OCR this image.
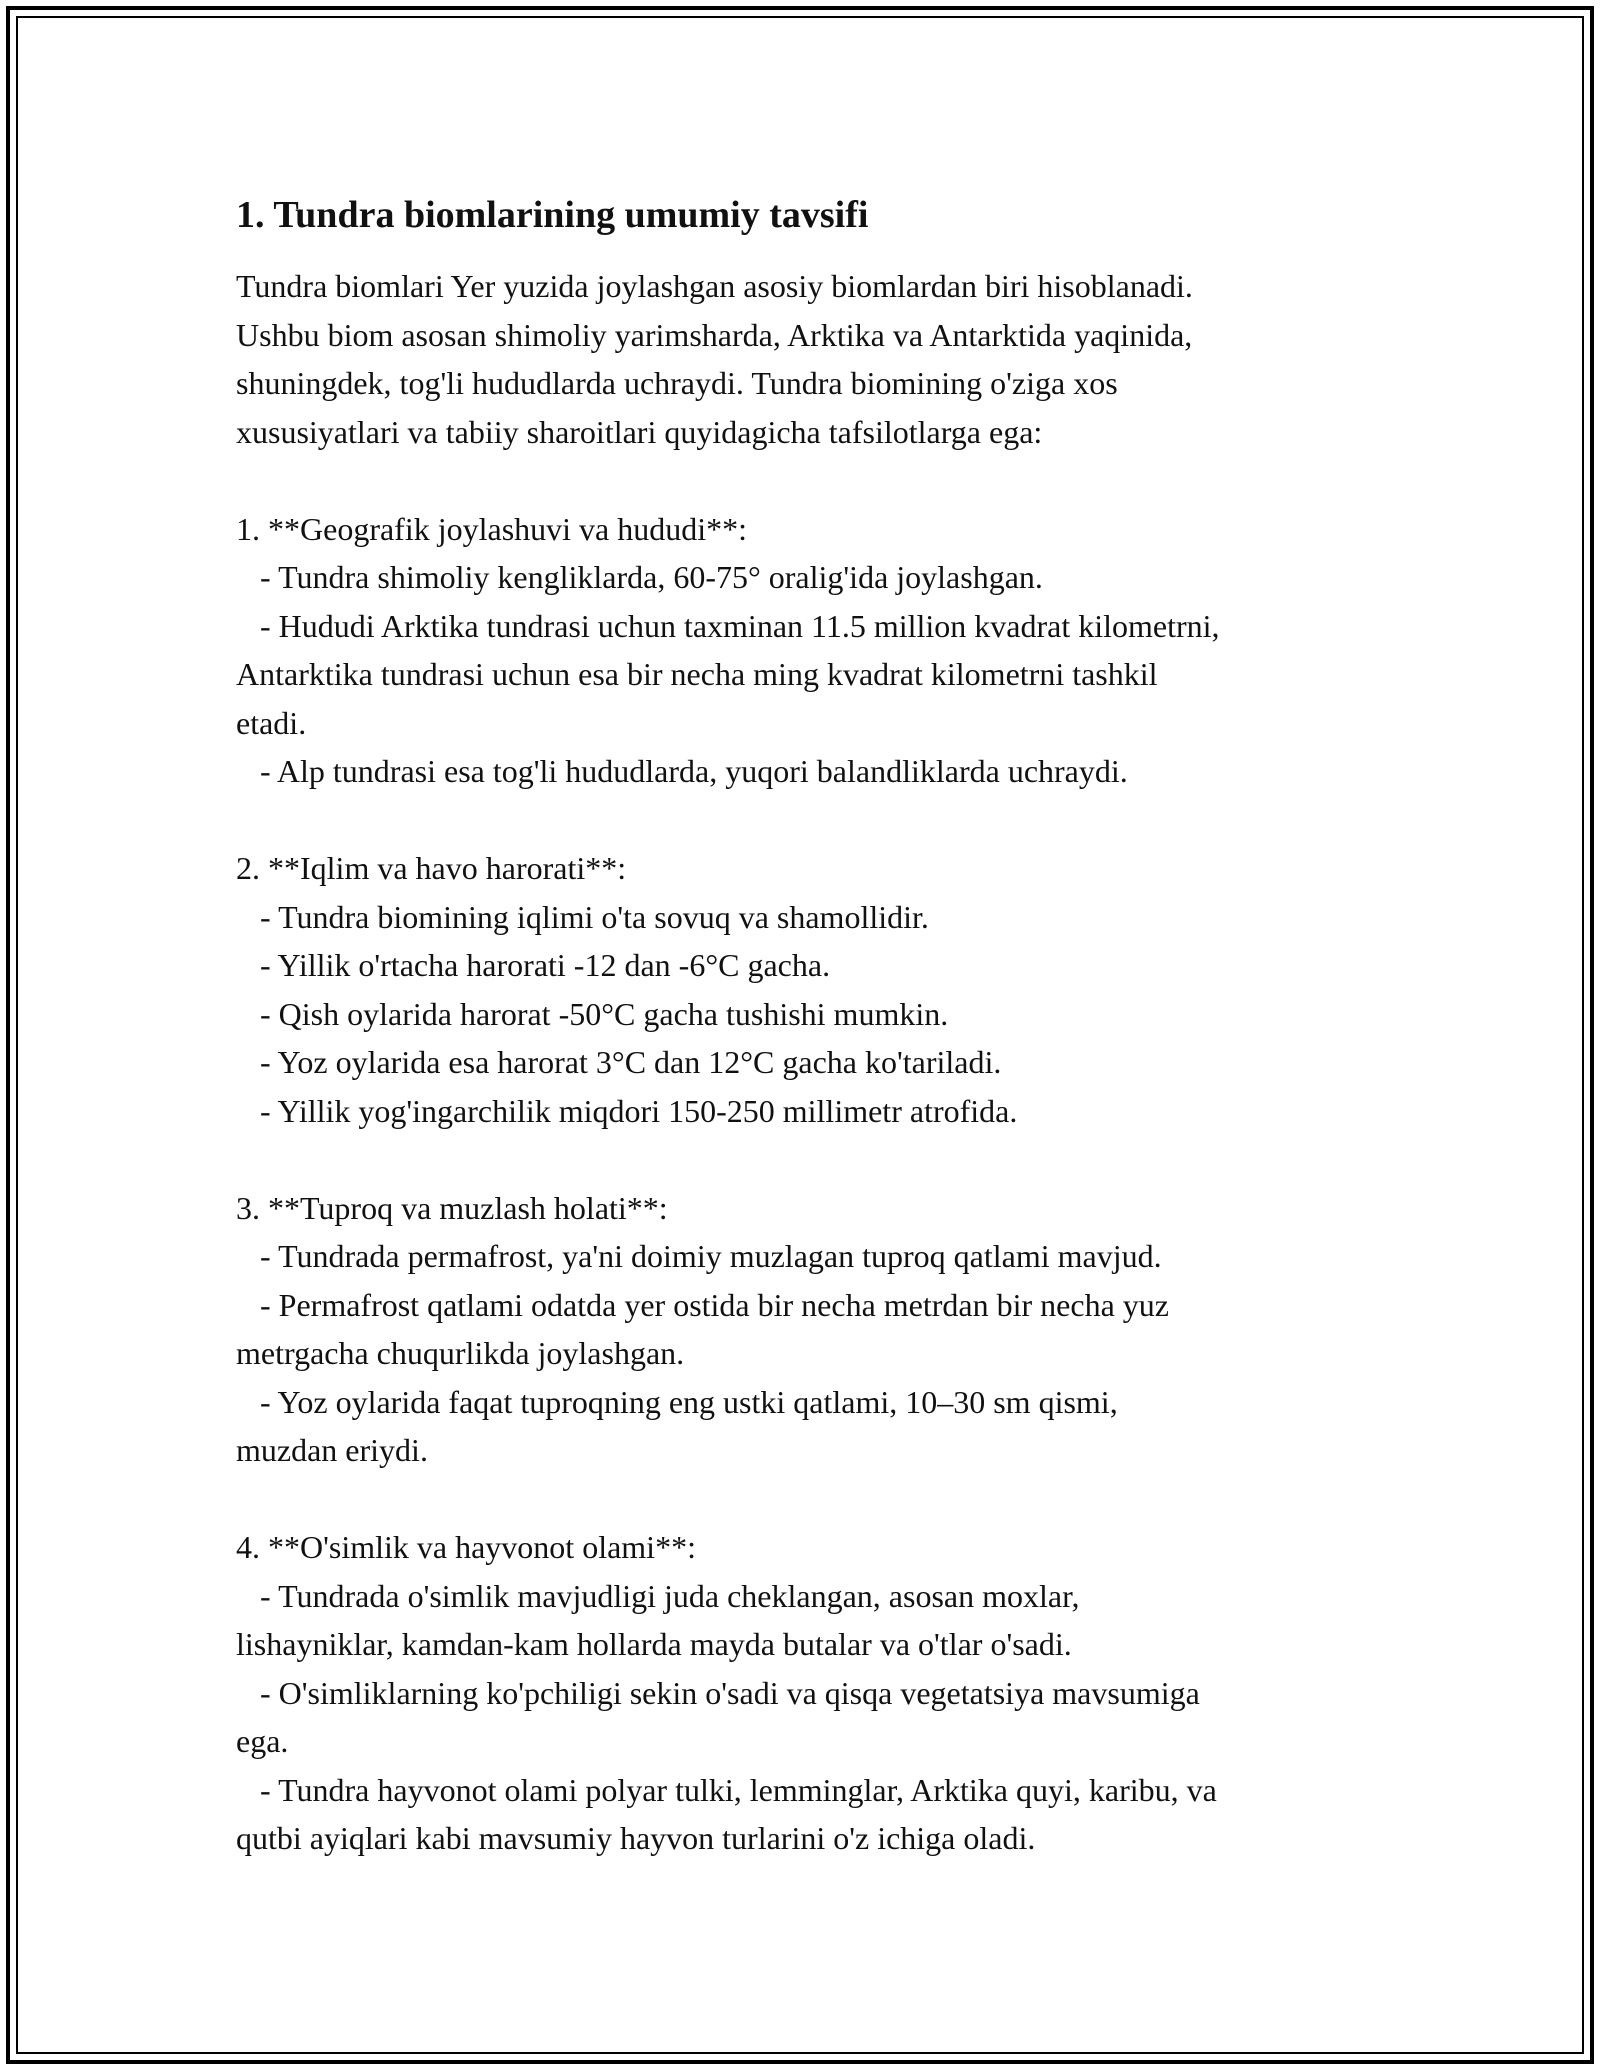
1. Tundra biomlarining umumiy tavsifi
Tundra biomlari Yer yuzida joylashgan asosiy biomlardan biri hisoblanadi.
Ushbu biom asosan shimoliy yarimsharda, Arktika va Antarktida yaqinida,
shuningdek, tog'li hududlarda uchraydi. Tundra biomining o'ziga xos
xususiyatlari va tabiiy sharoitlari quyidagicha tafsilotlarga ega:
1. **Geografik joylashuvi va hududi**:
- Tundra shimoliy kengliklarda, 60-75° oralig'ida joylashgan.
- Hududi Arktika tundrasi uchun taxminan 11.5 million kvadrat kilometrni,
Antarktika tundrasi uchun esa bir necha ming kvadrat kilometrni tashkil
etadi.
- Alp tundrasi esa tog'li hududlarda, yuqori balandliklarda uchraydi.
2. **Iqlim va havo harorati**:
- Tundra biomining iqlimi o'ta sovuq va shamollidir.
- Yillik o'rtacha harorati -12 dan -6°C gacha.
- Qish oylarida harorat -50°C gacha tushishi mumkin.
- Yoz oylarida esa harorat 3°C dan 12°C gacha ko'tariladi.
- Yillik yog'ingarchilik miqdori 150-250 millimetr atrofida.
3. **Tuproq va muzlash holati**:
- Tundrada permafrost, ya'ni doimiy muzlagan tuproq qatlami mavjud.
- Permafrost qatlami odatda yer ostida bir necha metrdan bir necha yuz
metrgacha chuqurlikda joylashgan.
- Yoz oylarida faqat tuproqning eng ustki qatlami, 10–30 sm qismi,
muzdan eriydi.
4. **O'simlik va hayvonot olami**:
- Tundrada o'simlik mavjudligi juda cheklangan, asosan moxlar,
lishayniklar, kamdan-kam hollarda mayda butalar va o'tlar o'sadi.
- O'simliklarning ko'pchiligi sekin o'sadi va qisqa vegetatsiya mavsumiga
ega.
- Tundra hayvonot olami polyar tulki, lemminglar, Arktika quyi, karibu, va
qutbi ayiqlari kabi mavsumiy hayvon turlarini o'z ichiga oladi.
